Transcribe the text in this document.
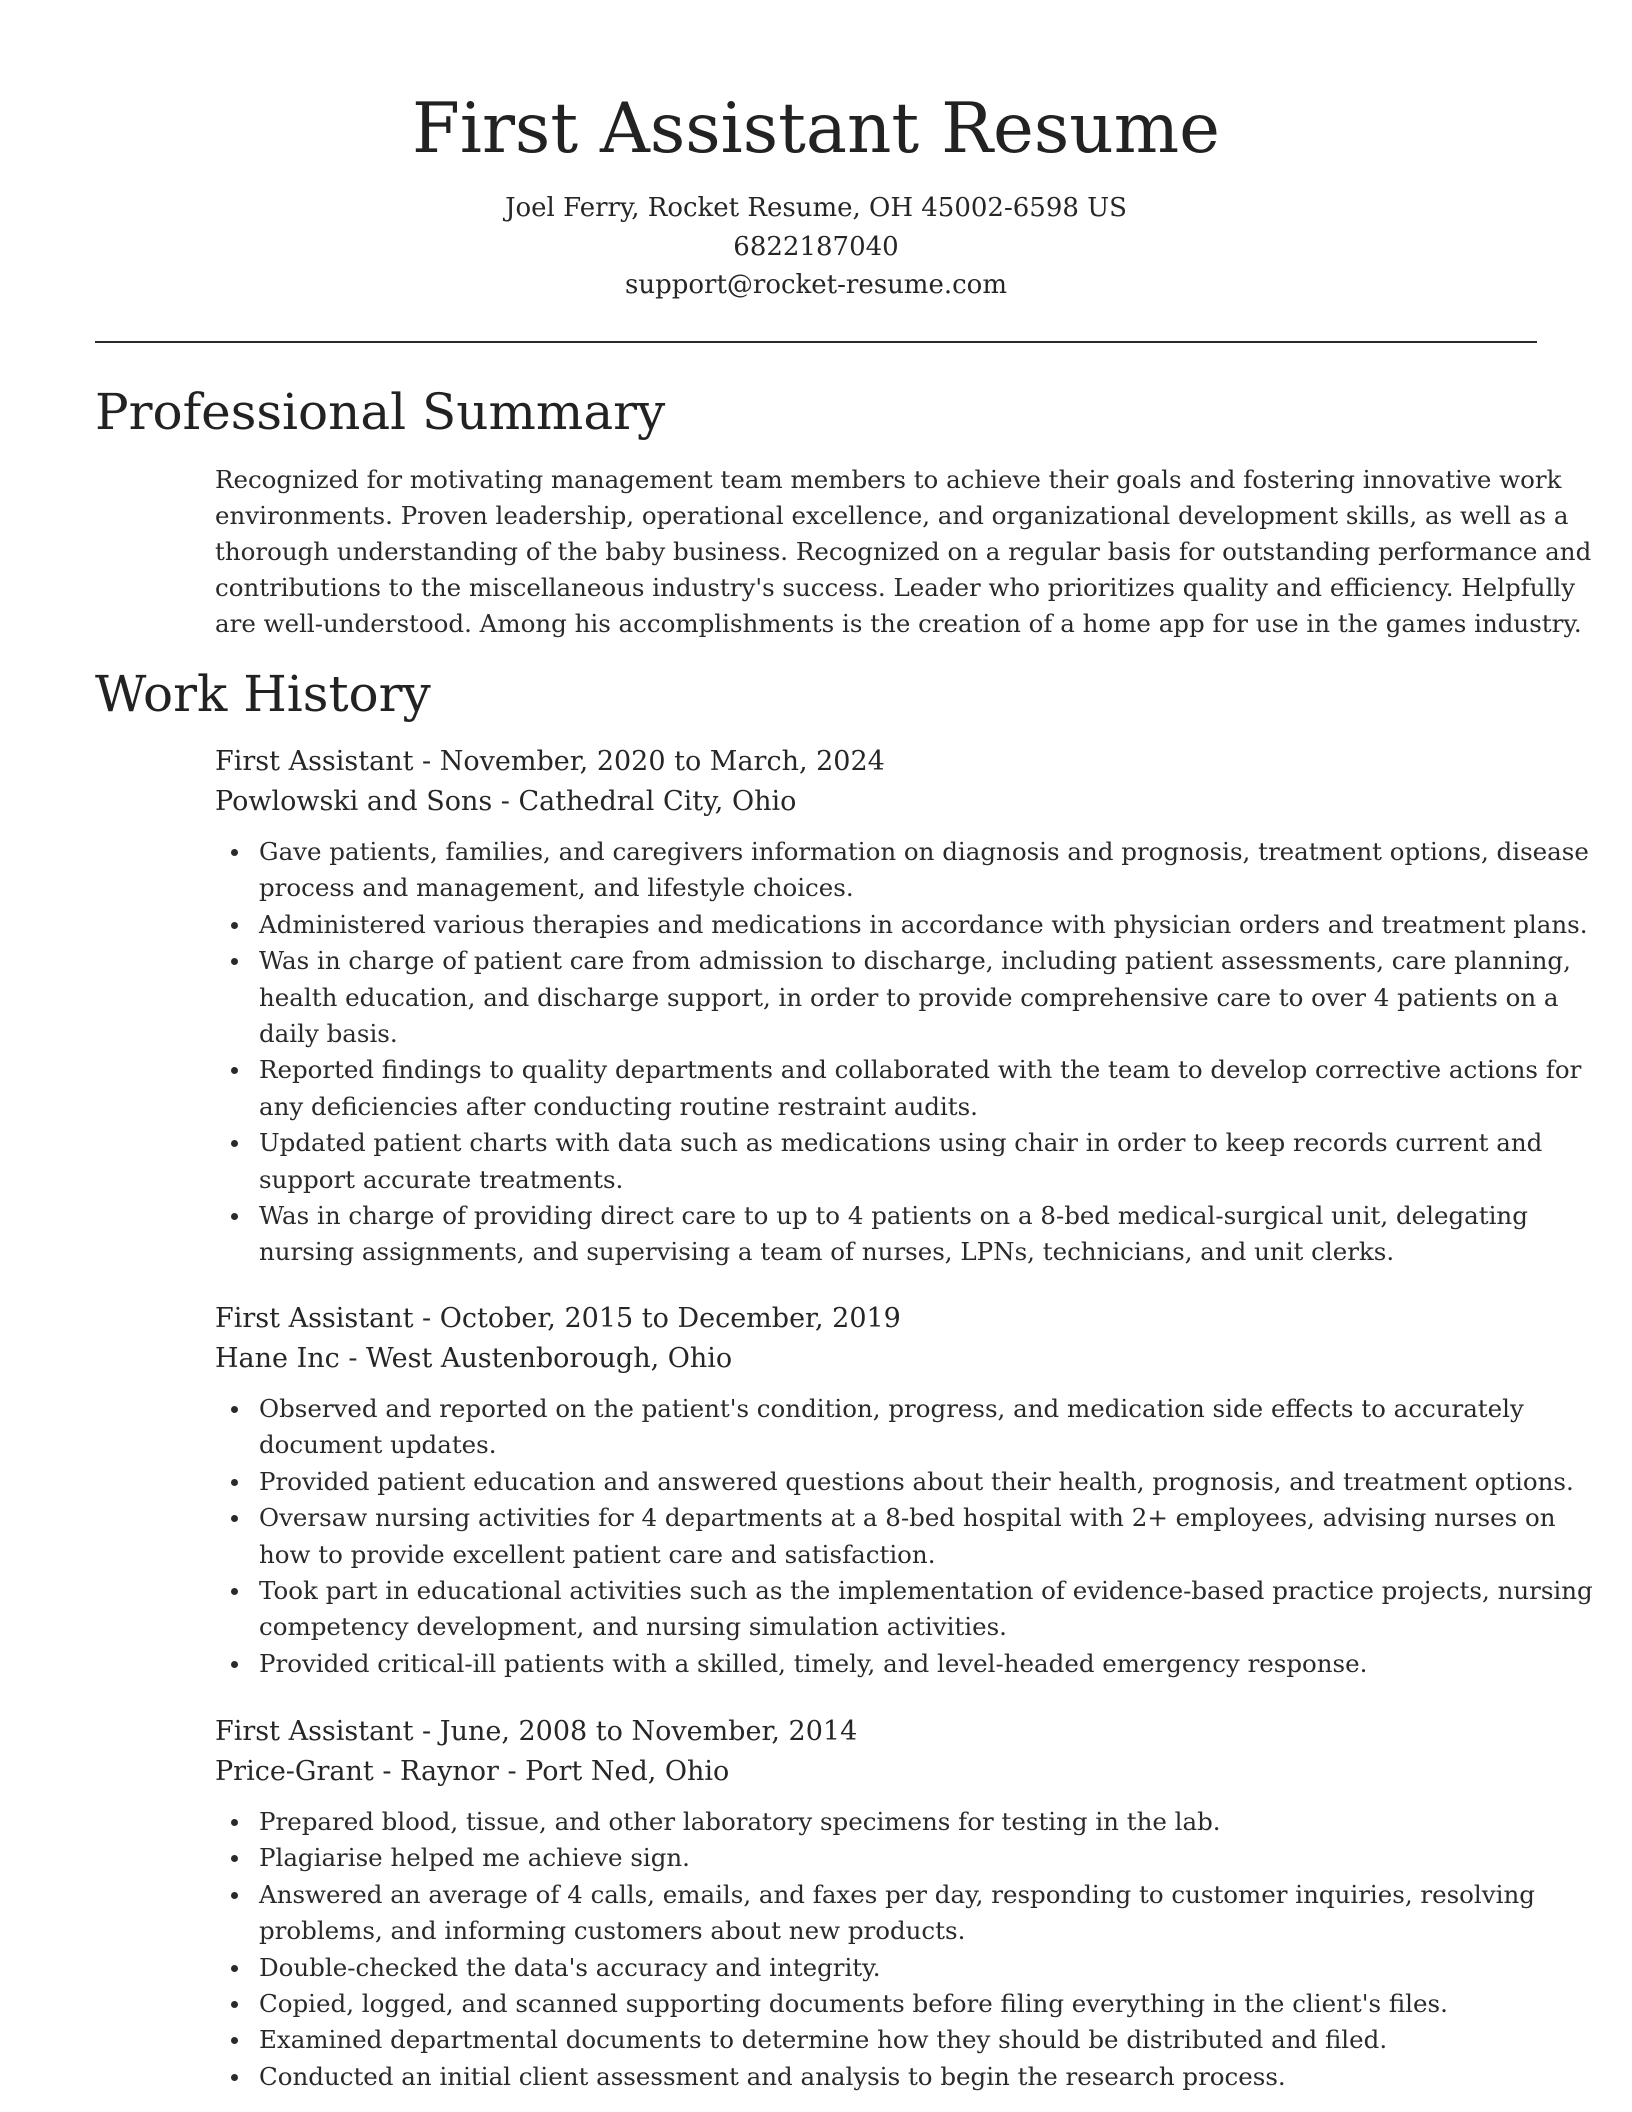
First Assistant Resume
Joel Ferry, Rocket Resume, OH 45002-6598 US
6822187040
support@rocket-resume.com
Professional Summary
Recognized for motivating management team members to achieve their goals and fostering innovative work
environments. Proven leadership, operational excellence, and organizational development skills, as well as a
thorough understanding of the baby business. Recognized on a regular basis for outstanding performance and
contributions to the miscellaneous industry's success. Leader who prioritizes quality and efficiency. Helpfully
are well-understood. Among his accomplishments is the creation of a home app for use in the games industry.
Work History
First Assistant - November, 2020 to March, 2024
Powlowski and Sons - Cathedral City, Ohio
Gave patients, families, and caregivers information on diagnosis and prognosis, treatment options, disease
process and management, and lifestyle choices.
Administered various therapies and medications in accordance with physician orders and treatment plans.
Was in charge of patient care from admission to discharge, including patient assessments, care planning,
health education, and discharge support, in order to provide comprehensive care to over 4 patients on a
daily basis.
Reported findings to quality departments and collaborated with the team to develop corrective actions for
any deficiencies after conducting routine restraint audits.
Updated patient charts with data such as medications using chair in order to keep records current and
support accurate treatments.
Was in charge of providing direct care to up to 4 patients on a 8-bed medical-surgical unit, delegating
nursing assignments, and supervising a team of nurses, LPNs, technicians, and unit clerks.
First Assistant - October, 2015 to December, 2019
Hane Inc - West Austenborough, Ohio
Observed and reported on the patient's condition, progress, and medication side effects to accurately
document updates.
Provided patient education and answered questions about their health, prognosis, and treatment options.
Oversaw nursing activities for 4 departments at a 8-bed hospital with 2+ employees, advising nurses on
how to provide excellent patient care and satisfaction.
Took part in educational activities such as the implementation of evidence-based practice projects, nursing
competency development, and nursing simulation activities.
Provided critical-ill patients with a skilled, timely, and level-headed emergency response.
First Assistant - June, 2008 to November, 2014
Price-Grant - Raynor - Port Ned, Ohio
Prepared blood, tissue, and other laboratory specimens for testing in the lab.
Plagiarise helped me achieve sign.
Answered an average of 4 calls, emails, and faxes per day, responding to customer inquiries, resolving
problems, and informing customers about new products.
Double-checked the data's accuracy and integrity.
Copied, logged, and scanned supporting documents before filing everything in the client's files.
Examined departmental documents to determine how they should be distributed and filed.
Conducted an initial client assessment and analysis to begin the research process.
